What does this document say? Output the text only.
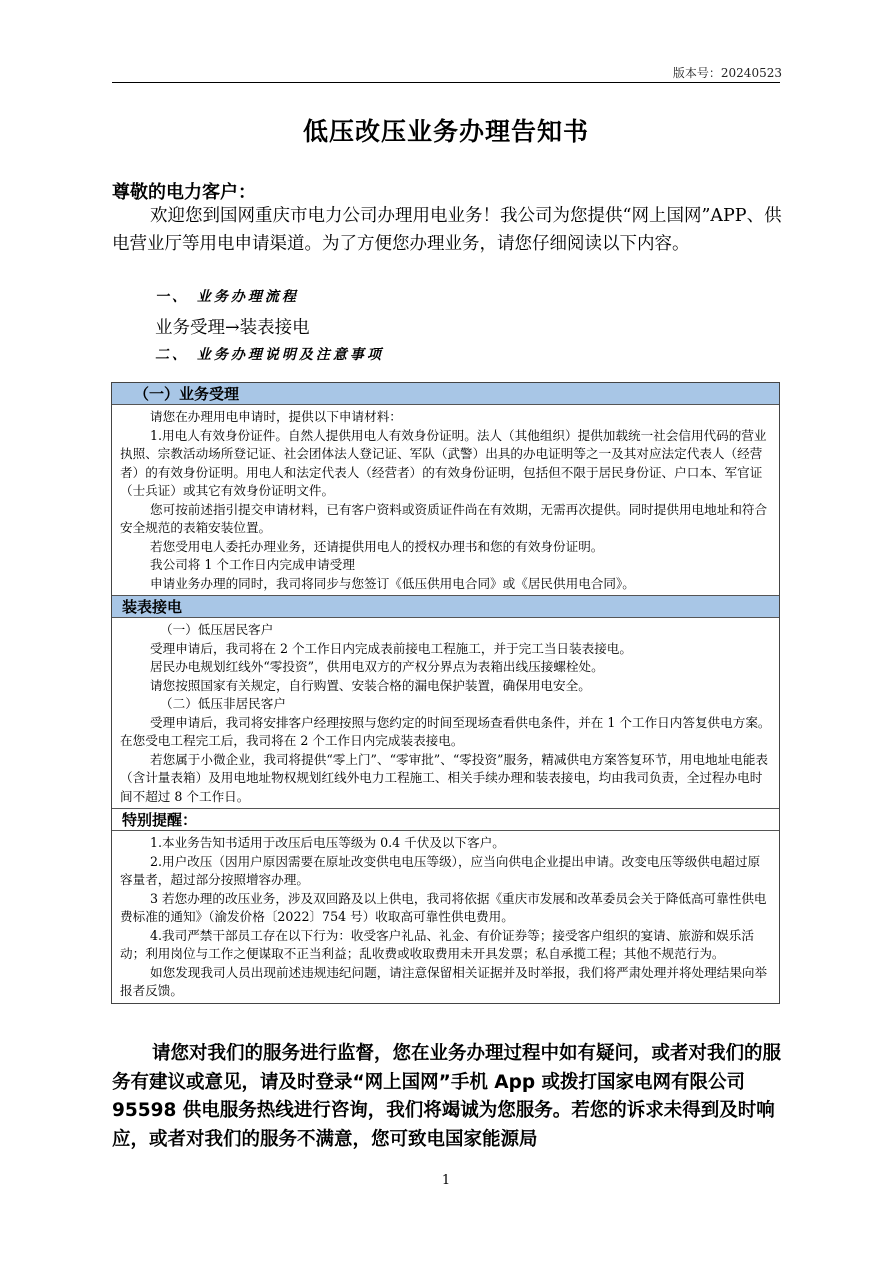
版本号：20240523
低压改压业务办理告知书
尊敬的电力客户：

欢迎您到国网重庆市电力公司办理用电业务！我公司为您提供“网上国网”APP、供电营业厅等用电申请渠道。为了方便您办理业务，请您仔细阅读以下内容。

一、 业务办理流程
业务受理→装表接电
二、 业务办理说明及注意事项
（一）业务受理

请您在办理用电申请时，提供以下申请材料：

1.用电人有效身份证件。自然人提供用电人有效身份证明。法人（其他组织）提供加载统一社会信用代码的营业执照、宗教活动场所登记证、社会团体法人登记证、军队（武警）出具的办电证明等之一及其对应法定代表人（经营者）的有效身份证明。用电人和法定代表人（经营者）的有效身份证明，包括但不限于居民身份证、户口本、军官证（士兵证）或其它有效身份证明文件。

您可按前述指引提交申请材料，已有客户资料或资质证件尚在有效期，无需再次提供。同时提供用电地址和符合安全规范的表箱安装位置。

若您受用电人委托办理业务，还请提供用电人的授权办理书和您的有效身份证明。

我公司将 1 个工作日内完成申请受理

申请业务办理的同时，我司将同步与您签订《低压供用电合同》或《居民供用电合同》。

装表接电

（一）低压居民客户

受理申请后，我司将在 2 个工作日内完成表前接电工程施工，并于完工当日装表接电。

居民办电规划红线外“零投资”，供用电双方的产权分界点为表箱出线压接螺栓处。

请您按照国家有关规定，自行购置、安装合格的漏电保护装置，确保用电安全。

（二）低压非居民客户

受理申请后，我司将安排客户经理按照与您约定的时间至现场查看供电条件，并在 1 个工作日内答复供电方案。在您受电工程完工后，我司将在 2 个工作日内完成装表接电。

若您属于小微企业，我司将提供“零上门”、“零审批”、“零投资”服务，精减供电方案答复环节，用电地址电能表（含计量表箱）及用电地址物权规划红线外电力工程施工、相关手续办理和装表接电，均由我司负责，全过程办电时间不超过 8 个工作日。

特别提醒：

1.本业务告知书适用于改压后电压等级为 0.4 千伏及以下客户。

2.用户改压（因用户原因需要在原址改变供电电压等级），应当向供电企业提出申请。改变电压等级供电超过原容量者，超过部分按照增容办理。

3 若您办理的改压业务，涉及双回路及以上供电，我司将依据《重庆市发展和改革委员会关于降低高可靠性供电费标准的通知》（渝发价格〔2022〕754 号）收取高可靠性供电费用。

4.我司严禁干部员工存在以下行为：收受客户礼品、礼金、有价证券等；接受客户组织的宴请、旅游和娱乐活动；利用岗位与工作之便谋取不正当利益；乱收费或收取费用未开具发票；私自承揽工程；其他不规范行为。

如您发现我司人员出现前述违规违纪问题，请注意保留相关证据并及时举报，我们将严肃处理并将处理结果向举报者反馈。

请您对我们的服务进行监督，您在业务办理过程中如有疑问，或者对我们的服务有建议或意见，请及时登录“网上国网”手机 App 或拨打国家电网有限公司 95598 供电服务热线进行咨询，我们将竭诚为您服务。若您的诉求未得到及时响应，或者对我们的服务不满意，您可致电国家能源局

1
